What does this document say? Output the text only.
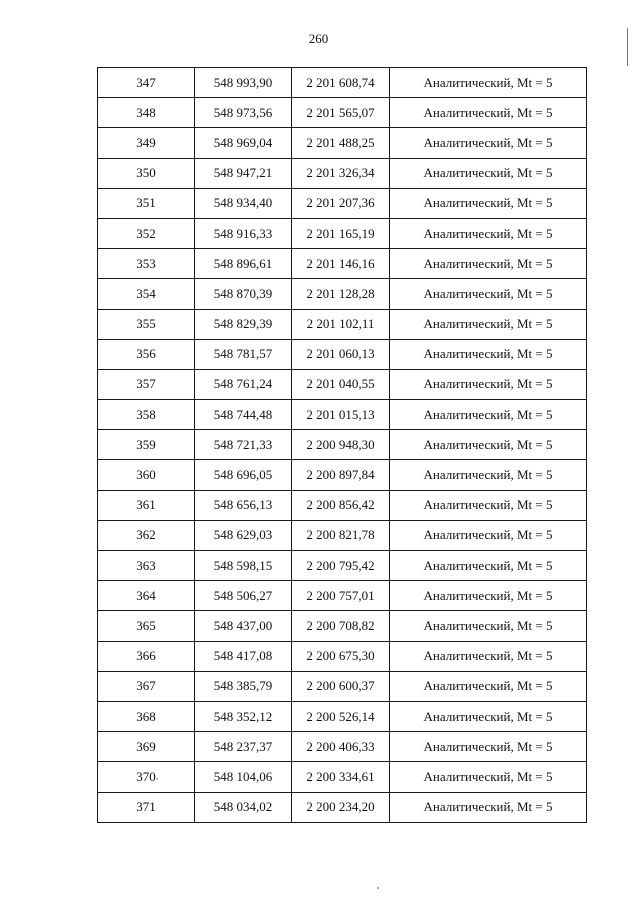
260
347	548 993,90	2 201 608,74	Аналитический, Mt = 5
348	548 973,56	2 201 565,07	Аналитический, Mt = 5
349	548 969,04	2 201 488,25	Аналитический, Mt = 5
350	548 947,21	2 201 326,34	Аналитический, Mt = 5
351	548 934,40	2 201 207,36	Аналитический, Mt = 5
352	548 916,33	2 201 165,19	Аналитический, Mt = 5
353	548 896,61	2 201 146,16	Аналитический, Mt = 5
354	548 870,39	2 201 128,28	Аналитический, Mt = 5
355	548 829,39	2 201 102,11	Аналитический, Mt = 5
356	548 781,57	2 201 060,13	Аналитический, Mt = 5
357	548 761,24	2 201 040,55	Аналитический, Mt = 5
358	548 744,48	2 201 015,13	Аналитический, Mt = 5
359	548 721,33	2 200 948,30	Аналитический, Mt = 5
360	548 696,05	2 200 897,84	Аналитический, Mt = 5
361	548 656,13	2 200 856,42	Аналитический, Mt = 5
362	548 629,03	2 200 821,78	Аналитический, Mt = 5
363	548 598,15	2 200 795,42	Аналитический, Mt = 5
364	548 506,27	2 200 757,01	Аналитический, Mt = 5
365	548 437,00	2 200 708,82	Аналитический, Mt = 5
366	548 417,08	2 200 675,30	Аналитический, Mt = 5
367	548 385,79	2 200 600,37	Аналитический, Mt = 5
368	548 352,12	2 200 526,14	Аналитический, Mt = 5
369	548 237,37	2 200 406,33	Аналитический, Mt = 5
370	548 104,06	2 200 334,61	Аналитический, Mt = 5
371	548 034,02	2 200 234,20	Аналитический, Mt = 5
